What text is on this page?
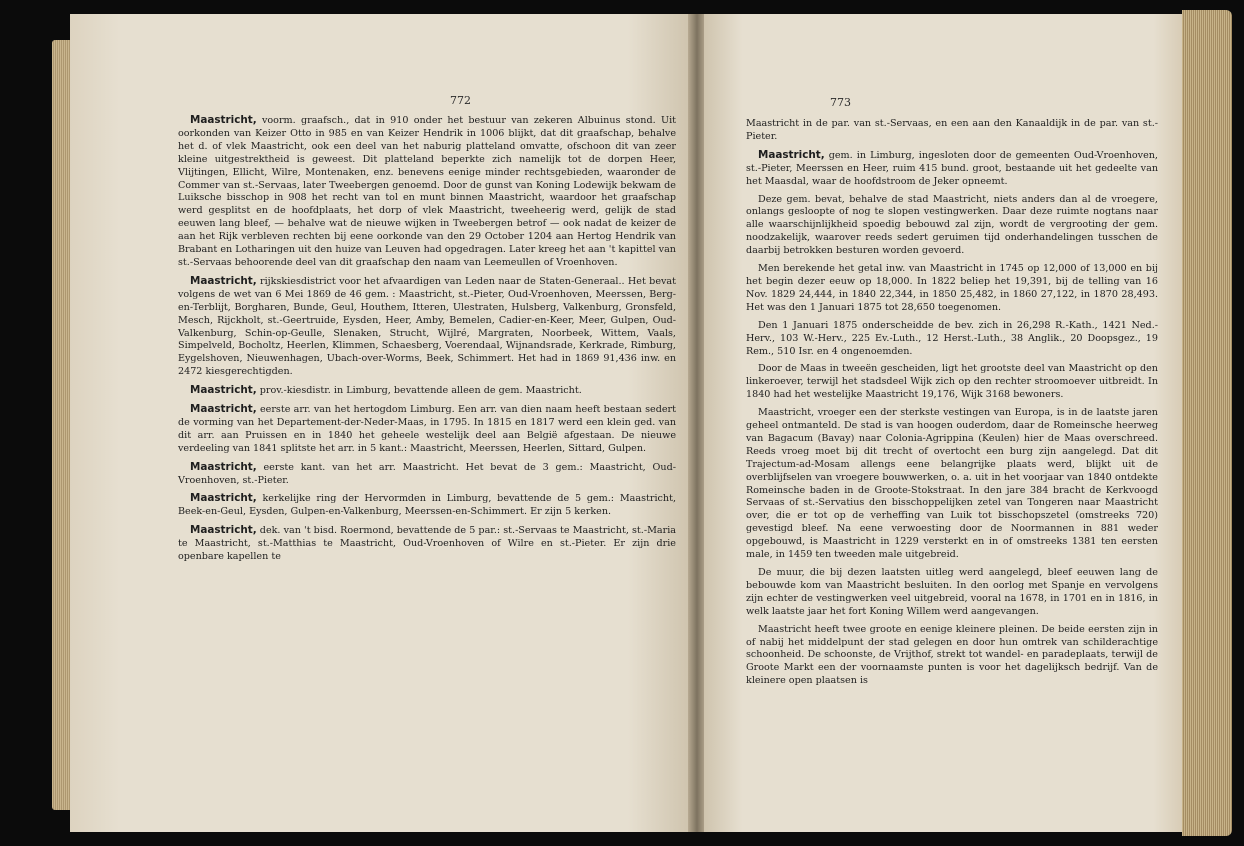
772

Maastricht, voorm. graafsch., dat in 910 onder het bestuur van zekeren Albuinus stond. Uit oorkonden van Keizer Otto in 985 en van Keizer Hendrik in 1006 blijkt, dat dit graafschap, behalve het d. of vlek Maastricht, ook een deel van het naburig platteland omvatte, ofschoon dit van zeer kleine uitgestrektheid is geweest. Dit platteland beperkte zich namelijk tot de dorpen Heer, Vlijtingen, Ellicht, Wilre, Montenaken, enz. benevens eenige minder rechtsgebieden, waaronder de Commer van st.-Servaas, later Tweebergen genoemd. Door de gunst van Koning Lodewijk bekwam de Luiksche bisschop in 908 het recht van tol en munt binnen Maastricht, waardoor het graafschap werd gesplitst en de hoofdplaats, het dorp of vlek Maastricht, tweeheerig werd, gelijk de stad eeuwen lang bleef, — behalve wat de nieuwe wijken in Tweebergen betrof — ook nadat de keizer de aan het Rijk verbleven rechten bij eene oorkonde van den 29 October 1204 aan Hertog Hendrik van Brabant en Lotharingen uit den huize van Leuven had opgedragen. Later kreeg het aan 't kapittel van st.-Servaas behoorende deel van dit graafschap den naam van Leemeullen of Vroenhoven.

Maastricht, rijkskiesdistrict voor het afvaardigen van Leden naar de Staten-Generaal.. Het bevat volgens de wet van 6 Mei 1869 de 46 gem. : Maastricht, st.-Pieter, Oud-Vroenhoven, Meerssen, Berg-en-Terblijt, Borgharen, Bunde, Geul, Houthem, Itteren, Ulestraten, Hulsberg, Valkenburg, Gronsfeld, Mesch, Rijckholt, st.-Geertruide, Eysden, Heer, Amby, Bemelen, Cadier-en-Keer, Meer, Gulpen, Oud-Valkenburg, Schin-op-Geulle, Slenaken, Strucht, Wijlré, Margraten, Noorbeek, Wittem, Vaals, Simpelveld, Bocholtz, Heerlen, Klimmen, Schaesberg, Voerendaal, Wijnandsrade, Kerkrade, Rimburg, Eygelshoven, Nieuwenhagen, Ubach-over-Worms, Beek, Schimmert. Het had in 1869 91,436 inw. en 2472 kiesgerechtigden.

Maastricht, prov.-kiesdistr. in Limburg, bevattende alleen de gem. Maastricht.

Maastricht, eerste arr. van het hertogdom Limburg. Een arr. van dien naam heeft bestaan sedert de vorming van het Departement-der-Neder-Maas, in 1795. In 1815 en 1817 werd een klein ged. van dit arr. aan Pruissen en in 1840 het geheele westelijk deel aan België afgestaan. De nieuwe verdeeling van 1841 splitste het arr. in 5 kant.: Maastricht, Meerssen, Heerlen, Sittard, Gulpen.

Maastricht, eerste kant. van het arr. Maastricht. Het bevat de 3 gem.: Maastricht, Oud-Vroenhoven, st.-Pieter.

Maastricht, kerkelijke ring der Hervormden in Limburg, bevattende de 5 gem.: Maastricht, Beek-en-Geul, Eysden, Gulpen-en-Valkenburg, Meerssen-en-Schimmert. Er zijn 5 kerken.

Maastricht, dek. van 't bisd. Roermond, bevattende de 5 par.: st.-Servaas te Maastricht, st.-Maria te Maastricht, st.-Matthias te Maastricht, Oud-Vroenhoven of Wilre en st.-Pieter. Er zijn drie openbare kapellen te

773

Maastricht in de par. van st.-Servaas, en een aan den Kanaaldijk in de par. van st.-Pieter.

Maastricht, gem. in Limburg, ingesloten door de gemeenten Oud-Vroenhoven, st.-Pieter, Meerssen en Heer, ruim 415 bund. groot, bestaande uit het gedeelte van het Maasdal, waar de hoofdstroom de Jeker opneemt.

Deze gem. bevat, behalve de stad Maastricht, niets anders dan al de vroegere, onlangs gesloopte of nog te slopen vestingwerken. Daar deze ruimte nogtans naar alle waarschijnlijkheid spoedig bebouwd zal zijn, wordt de vergrooting der gem. noodzakelijk, waarover reeds sedert geruimen tijd onderhandelingen tusschen de daarbij betrokken besturen worden gevoerd.

Men berekende het getal inw. van Maastricht in 1745 op 12,000 of 13,000 en bij het begin dezer eeuw op 18,000. In 1822 beliep het 19,391, bij de telling van 16 Nov. 1829 24,444, in 1840 22,344, in 1850 25,482, in 1860 27,122, in 1870 28,493. Het was den 1 Januari 1875 tot 28,650 toegenomen.

Den 1 Januari 1875 onderscheidde de bev. zich in 26,298 R.-Kath., 1421 Ned.-Herv., 103 W.-Herv., 225 Ev.-Luth., 12 Herst.-Luth., 38 Anglik., 20 Doopsgez., 19 Rem., 510 Isr. en 4 ongenoemden.

Door de Maas in tweeën gescheiden, ligt het grootste deel van Maastricht op den linkeroever, terwijl het stadsdeel Wijk zich op den rechter stroomoever uitbreidt. In 1840 had het westelijke Maastricht 19,176, Wijk 3168 bewoners.

Maastricht, vroeger een der sterkste vestingen van Europa, is in de laatste jaren geheel ontmanteld. De stad is van hoogen ouderdom, daar de Romeinsche heerweg van Bagacum (Bavay) naar Colonia-Agrippina (Keulen) hier de Maas overschreed. Reeds vroeg moet bij dit trecht of overtocht een burg zijn aangelegd. Dat dit Trajectum-ad-Mosam allengs eene belangrijke plaats werd, blijkt uit de overblijfselen van vroegere bouwwerken, o. a. uit in het voorjaar van 1840 ontdekte Romeinsche baden in de Groote-Stokstraat. In den jare 384 bracht de Kerkvoogd Servaas of st.-Servatius den bisschoppelijken zetel van Tongeren naar Maastricht over, die er tot op de verheffing van Luik tot bisschopszetel (omstreeks 720) gevestigd bleef. Na eene verwoesting door de Noormannen in 881 weder opgebouwd, is Maastricht in 1229 versterkt en in of omstreeks 1381 ten eersten male, in 1459 ten tweeden male uitgebreid.

De muur, die bij dezen laatsten uitleg werd aangelegd, bleef eeuwen lang de bebouwde kom van Maastricht besluiten. In den oorlog met Spanje en vervolgens zijn echter de vestingwerken veel uitgebreid, vooral na 1678, in 1701 en in 1816, in welk laatste jaar het fort Koning Willem werd aangevangen.

Maastricht heeft twee groote en eenige kleinere pleinen. De beide eersten zijn in of nabij het middelpunt der stad gelegen en door hun omtrek van schilderachtige schoonheid. De schoonste, de Vrijthof, strekt tot wandel- en paradeplaats, terwijl de Groote Markt een der voornaamste punten is voor het dagelijksch bedrijf. Van de kleinere open plaatsen is
